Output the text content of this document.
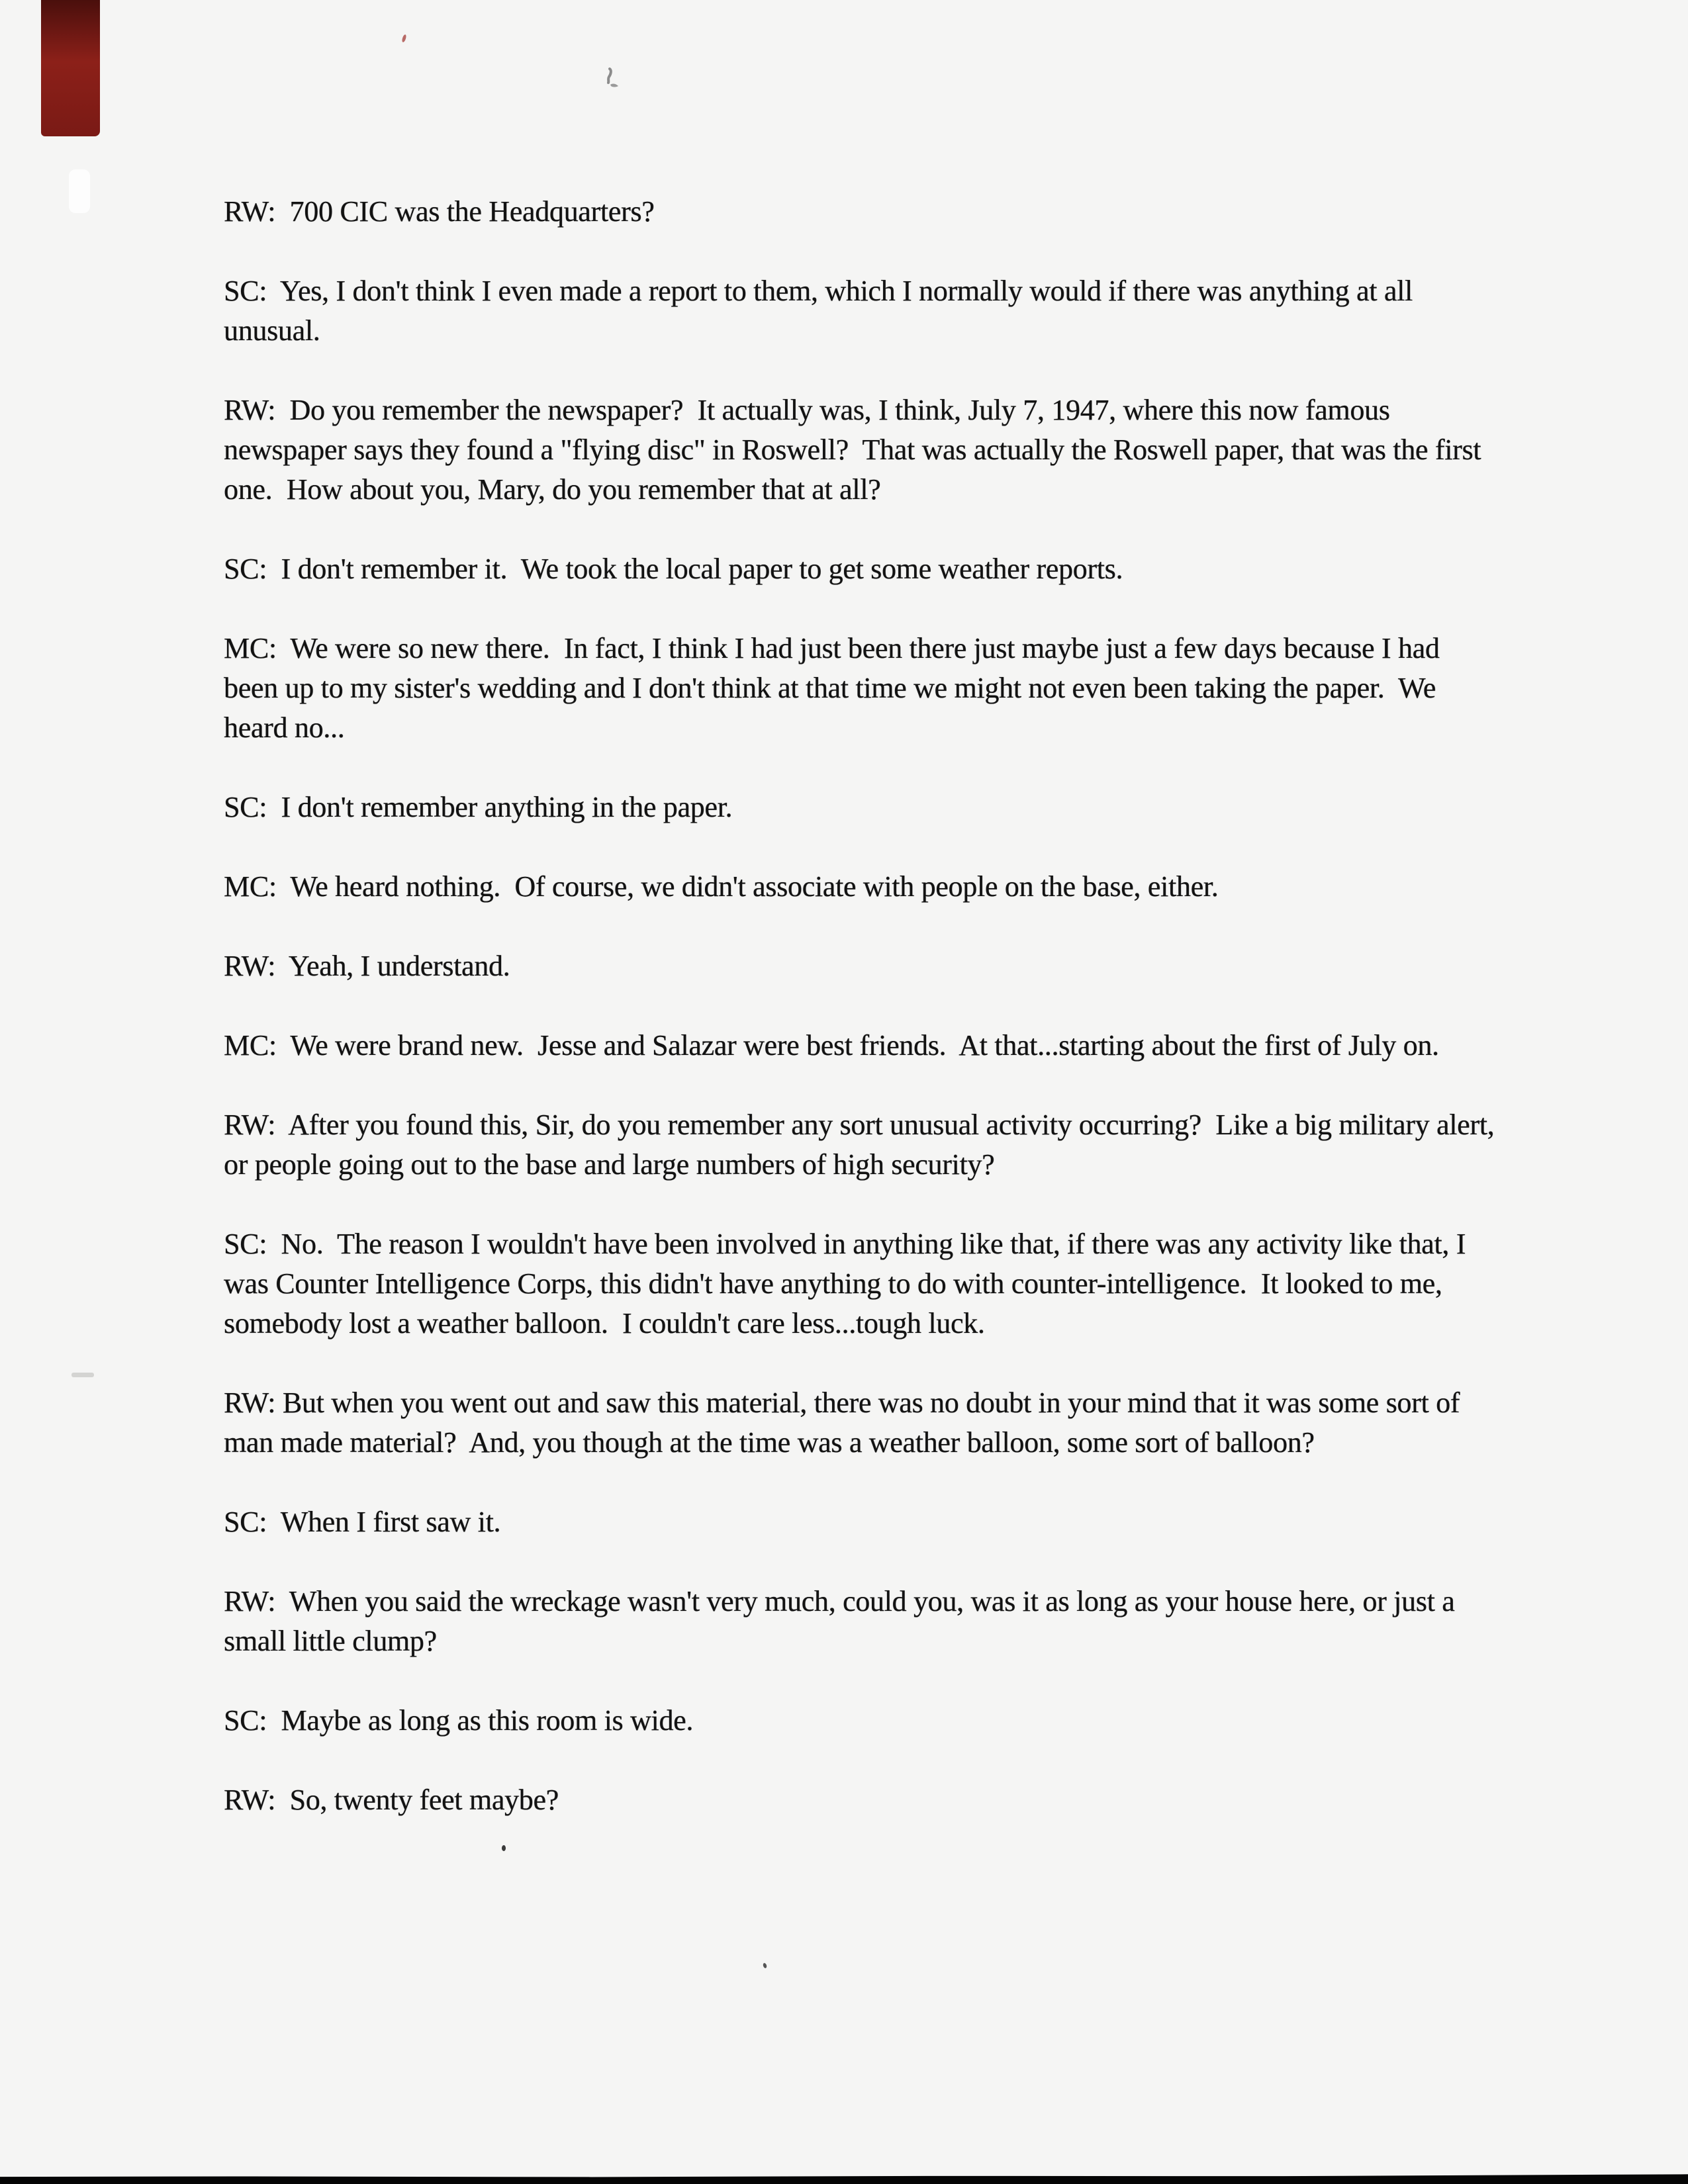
RW:  700 CIC was the Headquarters?

SC:  Yes, I don't think I even made a report to them, which I normally would if there was anything at all unusual.

RW:  Do you remember the newspaper?  It actually was, I think, July 7, 1947, where this now famous newspaper says they found a "flying disc" in Roswell?  That was actually the Roswell paper, that was the first one.  How about you, Mary, do you remember that at all?

SC:  I don't remember it.  We took the local paper to get some weather reports.

MC:  We were so new there.  In fact, I think I had just been there just maybe just a few days because I had been up to my sister's wedding and I don't think at that time we might not even been taking the paper.  We heard no...

SC:  I don't remember anything in the paper.

MC:  We heard nothing.  Of course, we didn't associate with people on the base, either.

RW:  Yeah, I understand.

MC:  We were brand new.  Jesse and Salazar were best friends.  At that...starting about the first of July on.

RW:  After you found this, Sir, do you remember any sort unusual activity occurring?  Like a big military alert, or people going out to the base and large numbers of high security?

SC:  No.  The reason I wouldn't have been involved in anything like that, if there was any activity like that, I was Counter Intelligence Corps, this didn't have anything to do with counter-intelligence.  It looked to me, somebody lost a weather balloon.  I couldn't care less...tough luck.

RW: But when you went out and saw this material, there was no doubt in your mind that it was some sort of man made material?  And, you though at the time was a weather balloon, some sort of balloon?

SC:  When I first saw it.

RW:  When you said the wreckage wasn't very much, could you, was it as long as your house here, or just a small little clump?

SC:  Maybe as long as this room is wide.

RW:  So, twenty feet maybe?
